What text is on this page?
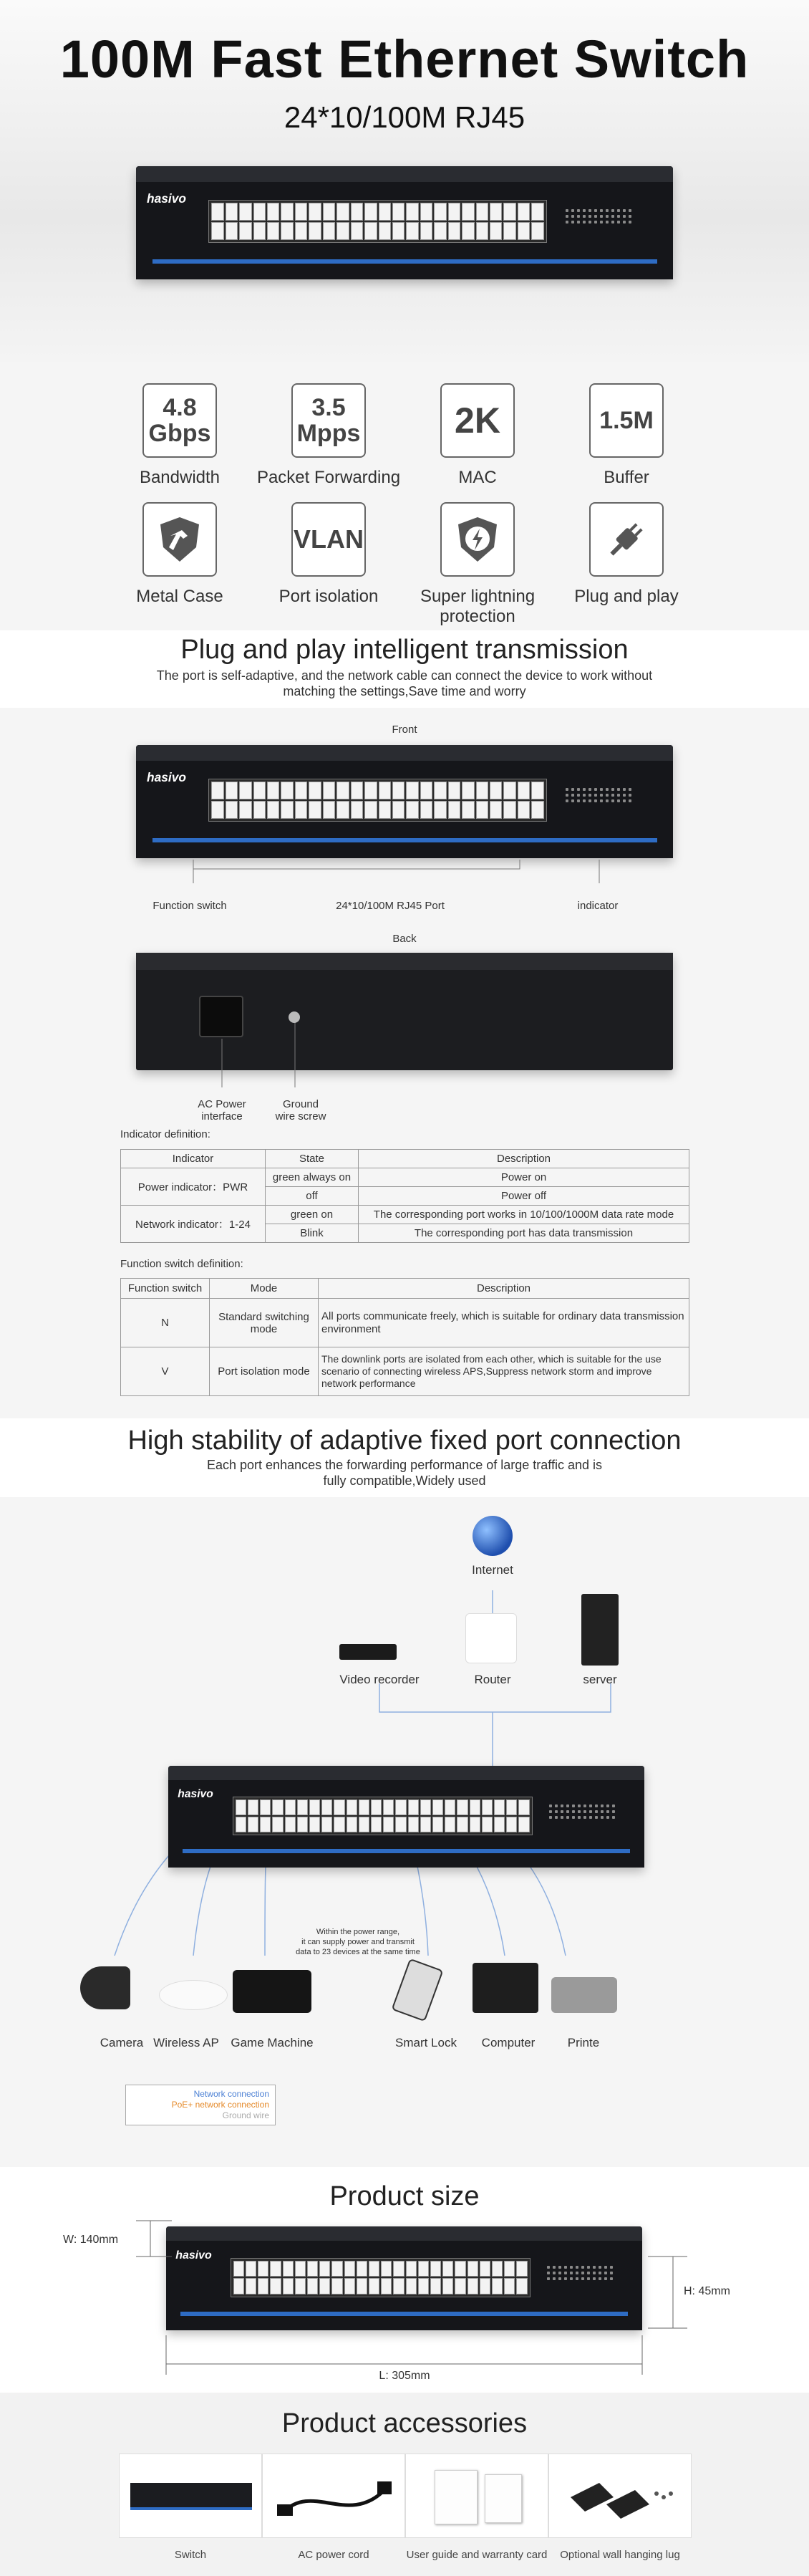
100M Fast Ethernet Switch
24*10/100M RJ45
hasivo
4.8
Gbps
Bandwidth
3.5
Mpps
Packet Forwarding
2K
MAC
1.5M
Buffer
Metal Case
VLAN
Port isolation	Super lightning protection
Plug and play
Plug and play intelligent transmission
The port is self-adaptive, and the network cable can connect the device to work without matching the settings,Save time and worry
Front
hasivo
Function switch	24*10/100M RJ45 Port	indicator
Back
AC Power
interface
Ground
wire screw
Indicator definition:
Indicator	State	Description
Power indicator：PWR	green always on	Power on
	off	Power off
Network indicator：1-24	green on	The corresponding port works in 10/100/1000M data rate mode
	Blink	The corresponding port has data transmission
Function switch definition:
Function switch	Mode	Description
N	Standard switching mode	All ports communicate freely, which is suitable for ordinary data transmission environment
V	Port isolation mode	The downlink ports are isolated from each other, which is suitable for the use scenario of connecting wireless APS,Suppress network storm and improve network performance
High stability of adaptive fixed port connection
Each port enhances the forwarding performance of large traffic and is fully compatible,Widely used
Internet
Video recorder	Router	server
hasivo
Within the power range,
it can supply power and transmit
data to 23 devices at the same time
Camera Wireless AP Game Machine	Smart Lock	Computer	Printe
Network connection
PoE+ network connection
Ground wire
Product size
hasivo
W: 140mm
H: 45mm
L: 305mm
Product accessories
Switch	AC power cord	User guide and warranty card	Optional wall hanging lug
